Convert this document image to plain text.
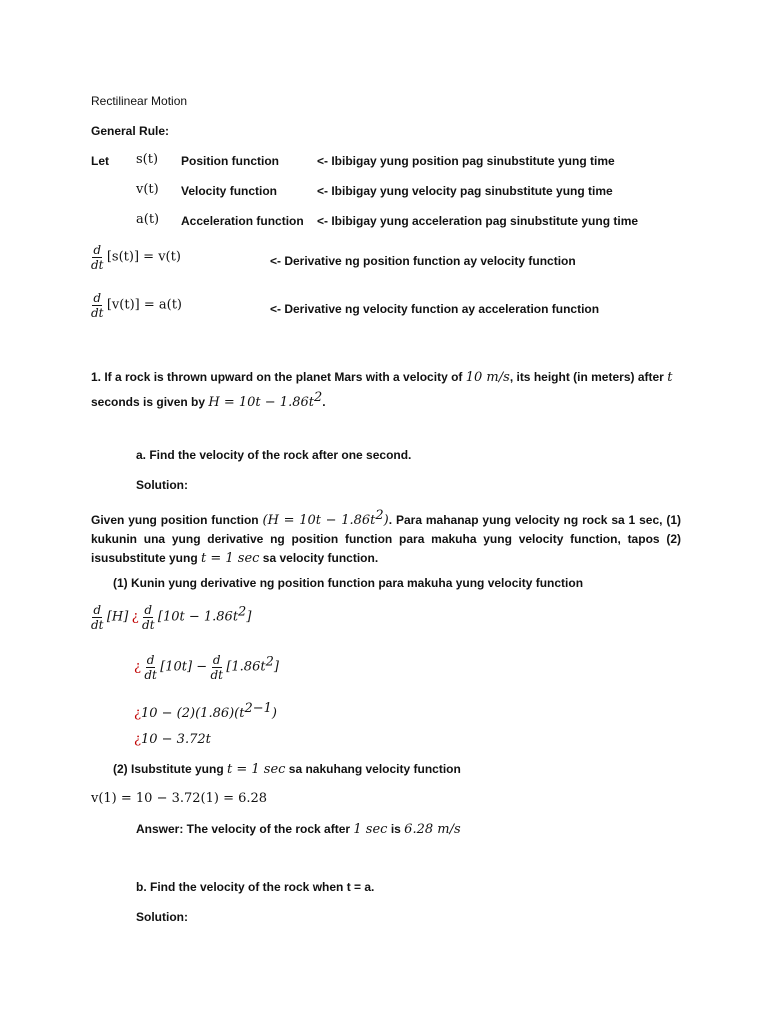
Rectilinear Motion
General Rule:
Let s(t) Position function	<- Ibibigay yung position pag sinubstitute yung time
v(t) Velocity function	<- Ibibigay yung velocity pag sinubstitute yung time
a(t) Acceleration function <- Ibibigay yung acceleration pag sinubstitute yung time
$\frac{d}{dt} [s(t)] = v(t)$	<- Derivative ng position function ay velocity function
$\frac{d}{dt} [v(t)] = a(t)$	<- Derivative ng velocity function ay acceleration function
1. If a rock is thrown upward on the planet Mars with a velocity of 10 m/s, its height (in meters) after t
seconds is given by $H = 10t - 1.86t^2$.
a. Find the velocity of the rock after one second.
Solution:
Given yung position function $(H = 10t - 1.86t^2)$. Para mahanap yung velocity ng rock sa 1 sec, (1) kukunin una yung derivative ng position function para makuha yung velocity function, tapos (2) isusubstitute yung t = 1 sec sa velocity function.
(1) Kunin yung derivative ng position function para makuha yung velocity function
$\frac{d}{dt} [H]$ ¿ $\frac{d}{dt} [10t - 1.86t^2]$
¿ $\frac{d}{dt} [10t] - \frac{d}{dt} [1.86t^2]$
¿$10 - (2)(1.86)(t^{2-1})$
¿10 − 3.72t
(2) Isubstitute yung t = 1 sec sa nakuhang velocity function
v(1) = 10 − 3.72(1) = 6.28
Answer: The velocity of the rock after 1 sec is 6.28 m/s
b. Find the velocity of the rock when t = a.
Solution:
